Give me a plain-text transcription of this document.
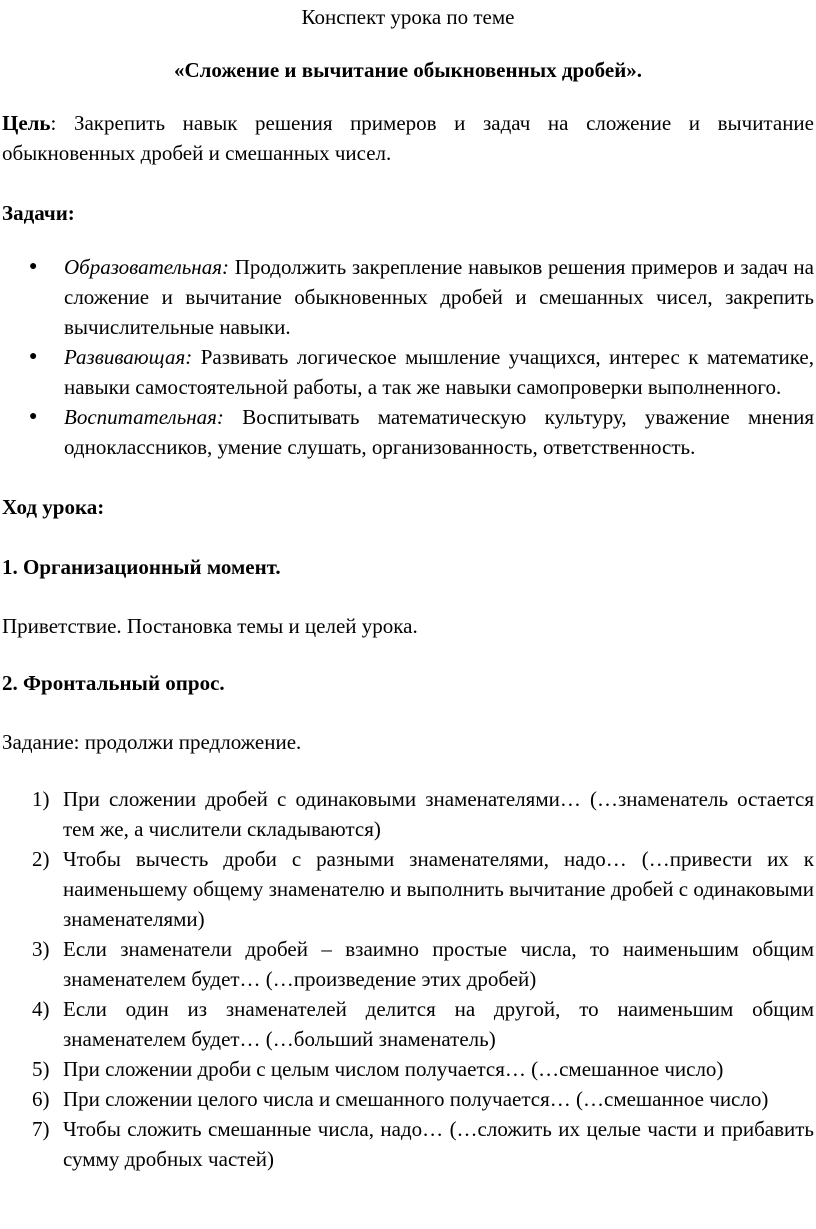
Конспект урока по теме
«Сложение и вычитание обыкновенных дробей».

Цель: Закрепить навык решения примеров и задач на сложение и вычитание обыкновенных дробей и смешанных чисел.

Задачи:

● Образовательная: Продолжить закрепление навыков решения примеров и задач на сложение и вычитание обыкновенных дробей и смешанных чисел, закрепить вычислительные навыки.
● Развивающая: Развивать логическое мышление учащихся, интерес к математике, навыки самостоятельной работы, а так же навыки самопроверки выполненного.
● Воспитательная: Воспитывать математическую культуру, уважение мнения одноклассников, умение слушать, организованность, ответственность.

Ход урока:

1. Организационный момент.

Приветствие. Постановка темы и целей урока.

2. Фронтальный опрос.

Задание: продолжи предложение.

1) При сложении дробей с одинаковыми знаменателями… (…знаменатель остается тем же, а числители складываются)
2) Чтобы вычесть дроби с разными знаменателями, надо… (…привести их к наименьшему общему знаменателю и выполнить вычитание дробей с одинаковыми знаменателями)
3) Если знаменатели дробей – взаимно простые числа, то наименьшим общим знаменателем будет… (…произведение этих дробей)
4) Если один из знаменателей делится на другой, то наименьшим общим знаменателем будет… (…больший знаменатель)
5) При сложении дроби с целым числом получается… (…смешанное число)
6) При сложении целого числа и смешанного получается… (…смешанное число)
7) Чтобы сложить смешанные числа, надо… (…сложить их целые части и прибавить сумму дробных частей)
